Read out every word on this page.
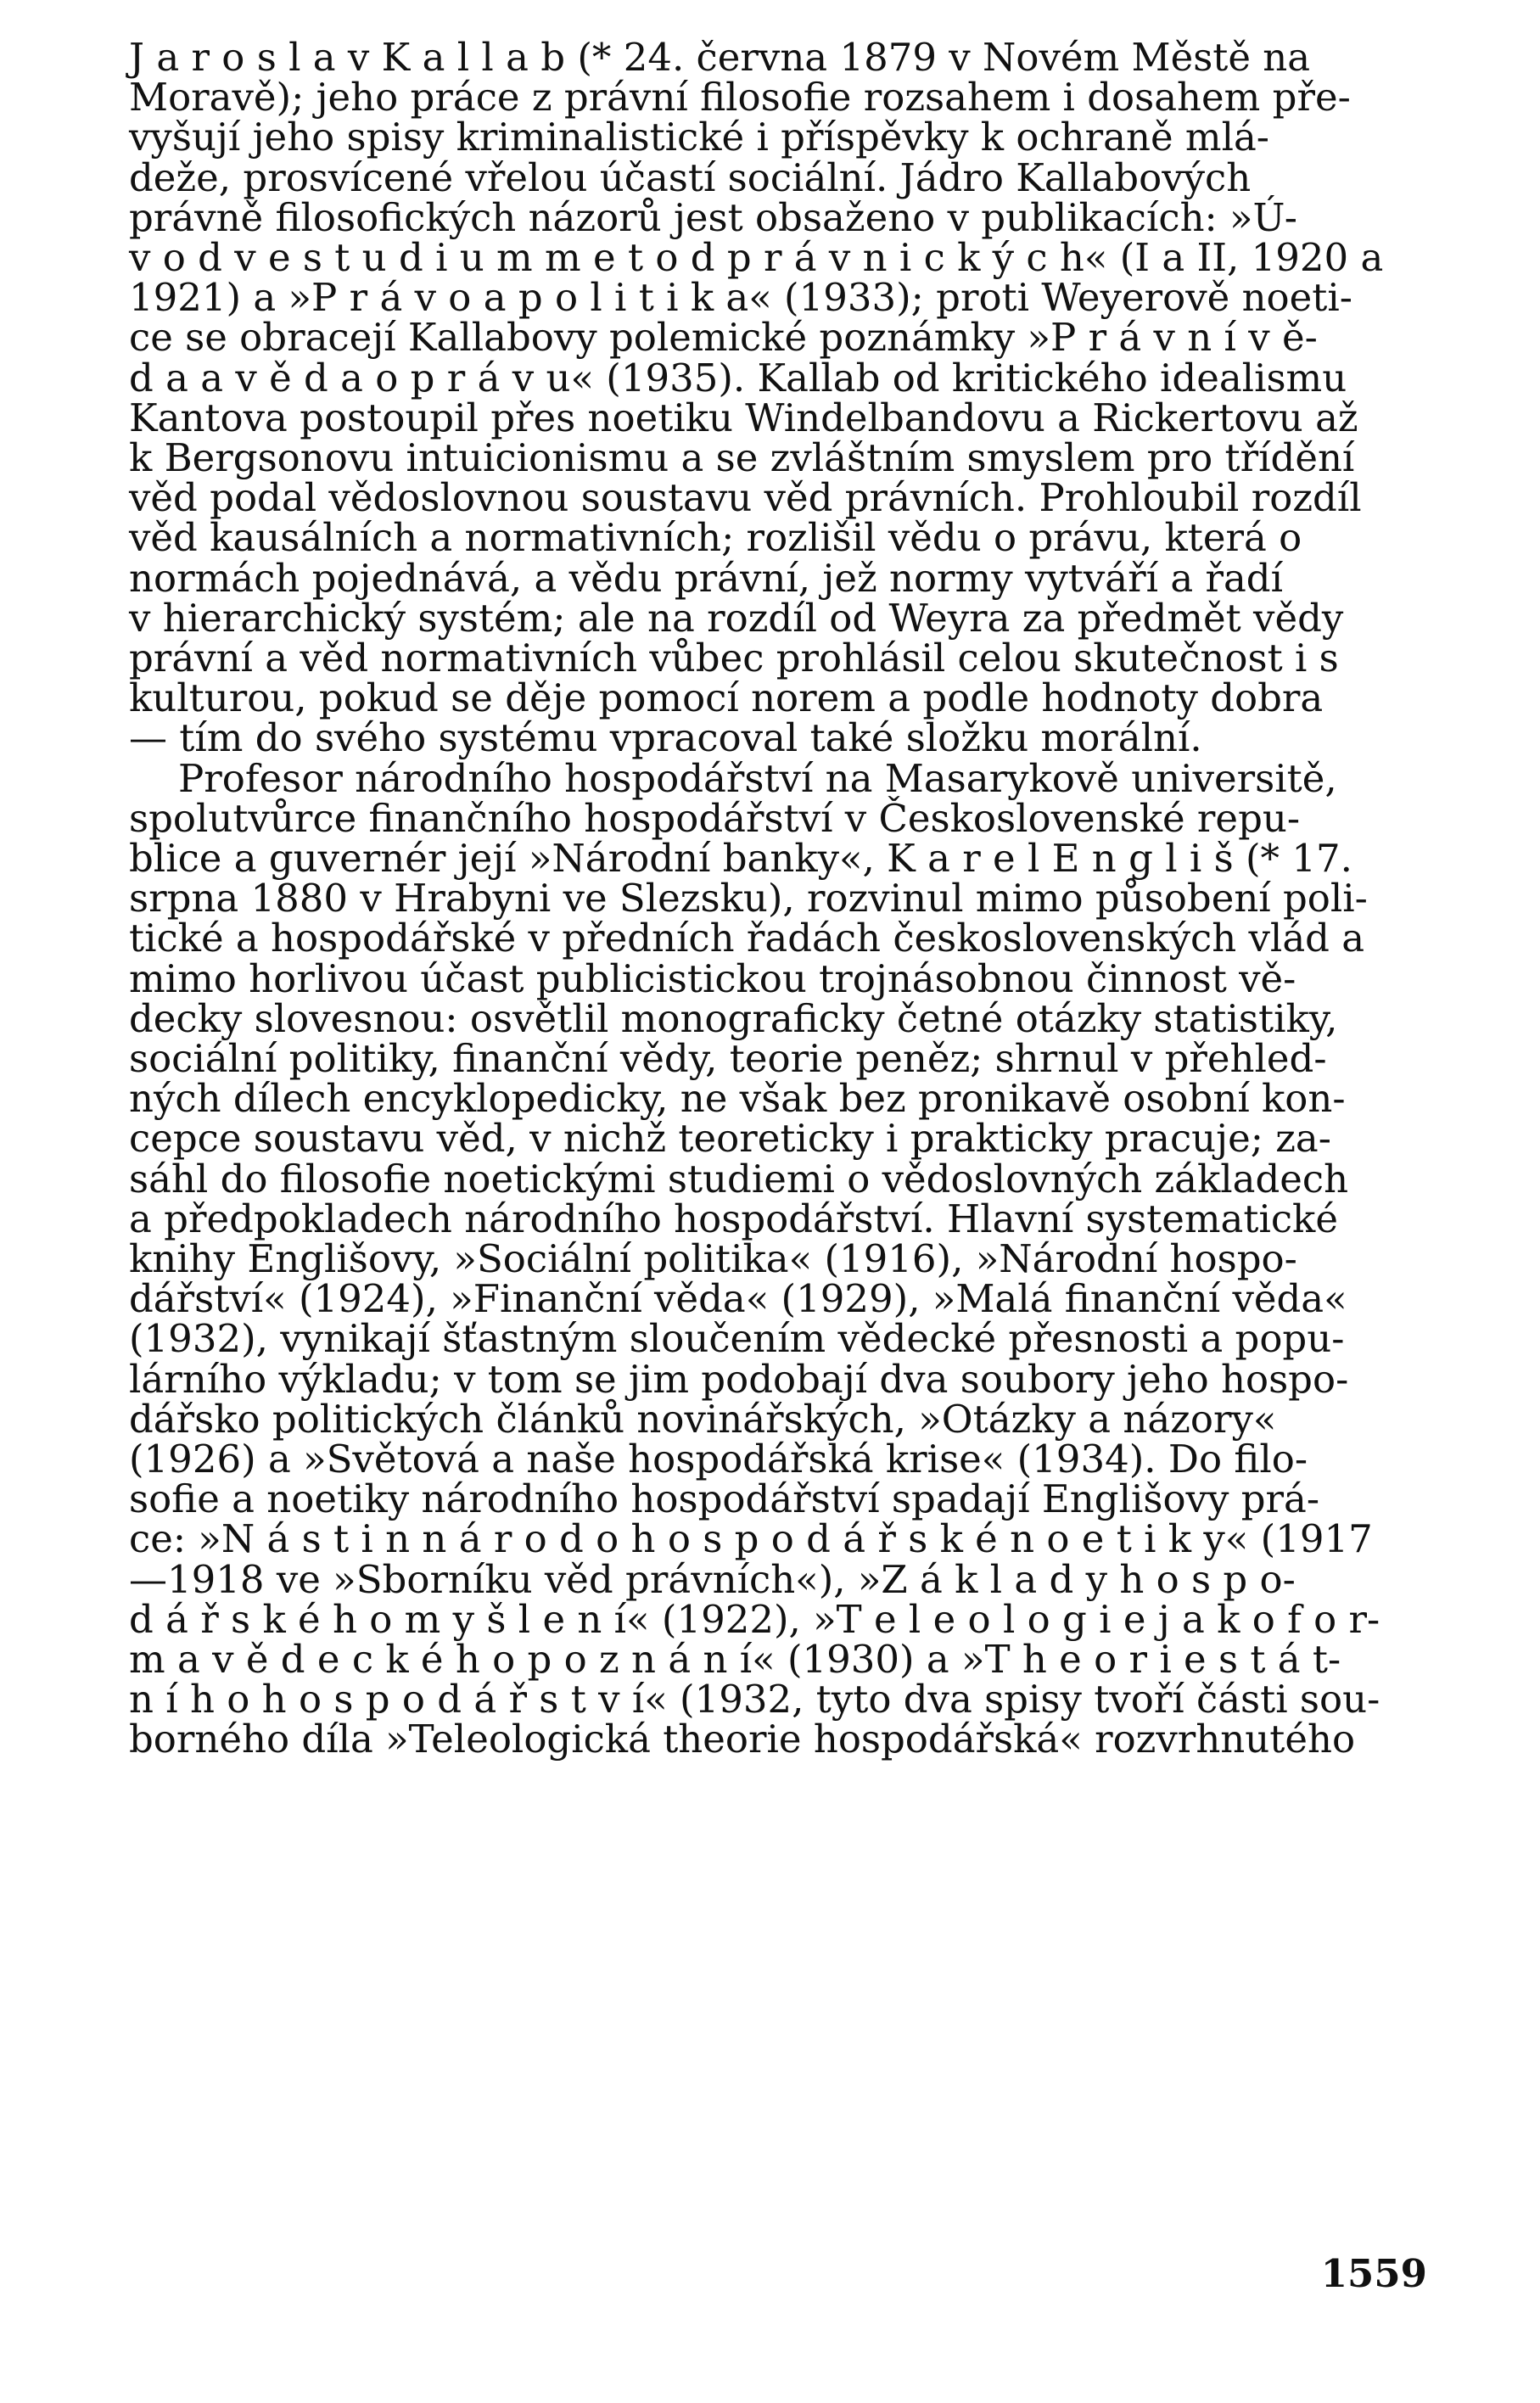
J a r o s l a v K a l l a b (* 24. června 1879 v Novém Městě na
Moravě); jeho práce z právní filosofie rozsahem i dosahem pře-
vyšují jeho spisy kriminalistické i příspěvky k ochraně mlá-
deže, prosvícené vřelou účastí sociální. Jádro Kallabových
právně filosofických názorů jest obsaženo v publikacích: »Ú-
v o d v e s t u d i u m m e t o d p r á v n i c k ý c h« (I a II, 1920 a
1921) a »P r á v o a p o l i t i k a« (1933); proti Weyerově noeti-
ce se obracejí Kallabovy polemické poznámky »P r á v n í v ě-
d a a v ě d a o p r á v u« (1935). Kallab od kritického idealismu
Kantova postoupil přes noetiku Windelbandovu a Rickertovu až
k Bergsonovu intuicionismu a se zvláštním smyslem pro třídění
věd podal vědoslovnou soustavu věd právních. Prohloubil rozdíl
věd kausálních a normativních; rozlišil vědu o právu, která o
normách pojednává, a vědu právní, jež normy vytváří a řadí
v hierarchický systém; ale na rozdíl od Weyra za předmět vědy
právní a věd normativních vůbec prohlásil celou skutečnost i s
kulturou, pokud se děje pomocí norem a podle hodnoty dobra
— tím do svého systému vpracoval také složku morální.
Profesor národního hospodářství na Masarykově universitě,
spolutvůrce finančního hospodářství v Československé repu-
blice a guvernér její »Národní banky«, K a r e l E n g l i š (* 17.
srpna 1880 v Hrabyni ve Slezsku), rozvinul mimo působení poli-
tické a hospodářské v předních řadách československých vlád a
mimo horlivou účast publicistickou trojnásobnou činnost vě-
decky slovesnou: osvětlil monograficky četné otázky statistiky,
sociální politiky, finanční vědy, teorie peněz; shrnul v přehled-
ných dílech encyklopedicky, ne však bez pronikavě osobní kon-
cepce soustavu věd, v nichž teoreticky i prakticky pracuje; za-
sáhl do filosofie noetickými studiemi o vědoslovných základech
a předpokladech národního hospodářství. Hlavní systematické
knihy Englišovy, »Sociální politika« (1916), »Národní hospo-
dářství« (1924), »Finanční věda« (1929), »Malá finanční věda«
(1932), vynikají šťastným sloučením vědecké přesnosti a popu-
lárního výkladu; v tom se jim podobají dva soubory jeho hospo-
dářsko politických článků novinářských, »Otázky a názory«
(1926) a »Světová a naše hospodářská krise« (1934). Do filo-
sofie a noetiky národního hospodářství spadají Englišovy prá-
ce: »N á s t i n n á r o d o h o s p o d á ř s k é n o e t i k y« (1917
—1918 ve »Sborníku věd právních«), »Z á k l a d y h o s p o-
d á ř s k é h o m y š l e n í« (1922), »T e l e o l o g i e j a k o f o r-
m a v ě d e c k é h o p o z n á n í« (1930) a »T h e o r i e s t á t-
n í h o h o s p o d á ř s t v í« (1932, tyto dva spisy tvoří části sou-
borného díla »Teleologická theorie hospodářská« rozvrhnutého
1559
